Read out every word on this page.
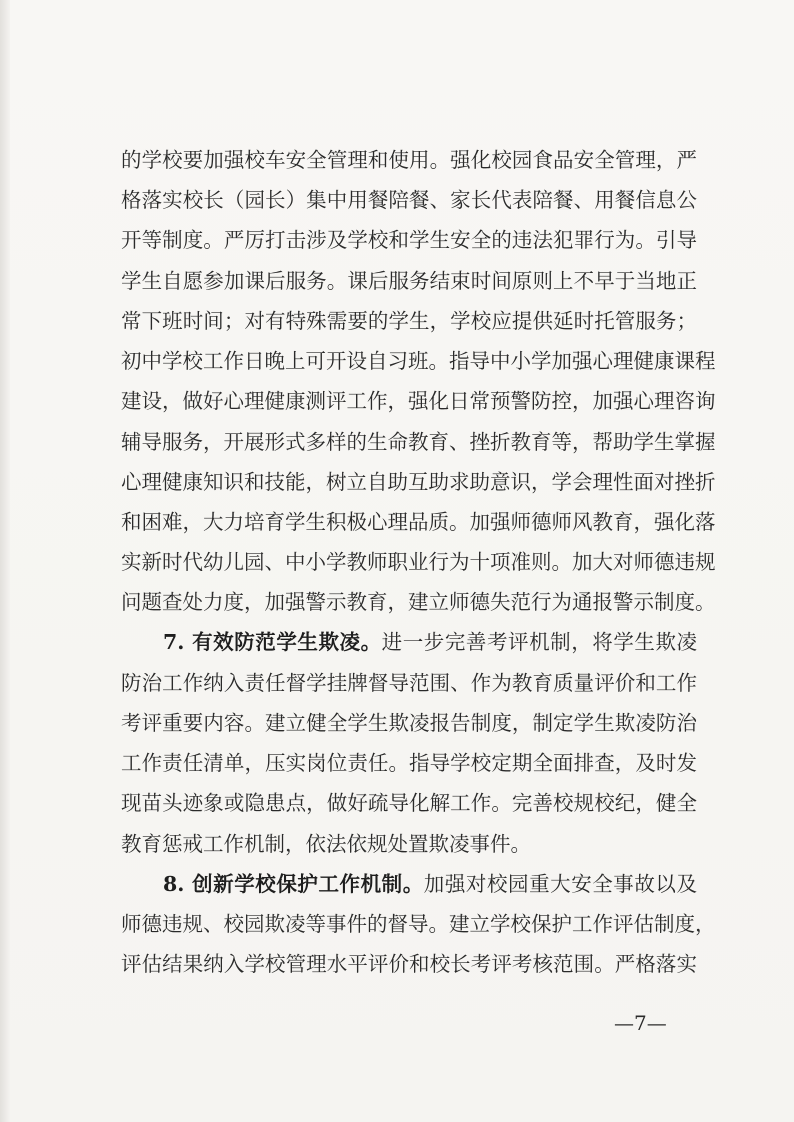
的学校要加强校车安全管理和使用。强化校园食品安全管理，严
格落实校长（园长）集中用餐陪餐、家长代表陪餐、用餐信息公
开等制度。严厉打击涉及学校和学生安全的违法犯罪行为。引导
学生自愿参加课后服务。课后服务结束时间原则上不早于当地正
常下班时间；对有特殊需要的学生，学校应提供延时托管服务；
初中学校工作日晚上可开设自习班。指导中小学加强心理健康课程
建设，做好心理健康测评工作，强化日常预警防控，加强心理咨询
辅导服务，开展形式多样的生命教育、挫折教育等，帮助学生掌握
心理健康知识和技能，树立自助互助求助意识，学会理性面对挫折
和困难，大力培育学生积极心理品质。加强师德师风教育，强化落
实新时代幼儿园、中小学教师职业行为十项准则。加大对师德违规
问题查处力度，加强警示教育，建立师德失范行为通报警示制度。
7. 有效防范学生欺凌。进一步完善考评机制，将学生欺凌
防治工作纳入责任督学挂牌督导范围、作为教育质量评价和工作
考评重要内容。建立健全学生欺凌报告制度，制定学生欺凌防治
工作责任清单，压实岗位责任。指导学校定期全面排查，及时发
现苗头迹象或隐患点，做好疏导化解工作。完善校规校纪，健全
教育惩戒工作机制，依法依规处置欺凌事件。
8. 创新学校保护工作机制。加强对校园重大安全事故以及
师德违规、校园欺凌等事件的督导。建立学校保护工作评估制度，
评估结果纳入学校管理水平评价和校长考评考核范围。严格落实
—7—
